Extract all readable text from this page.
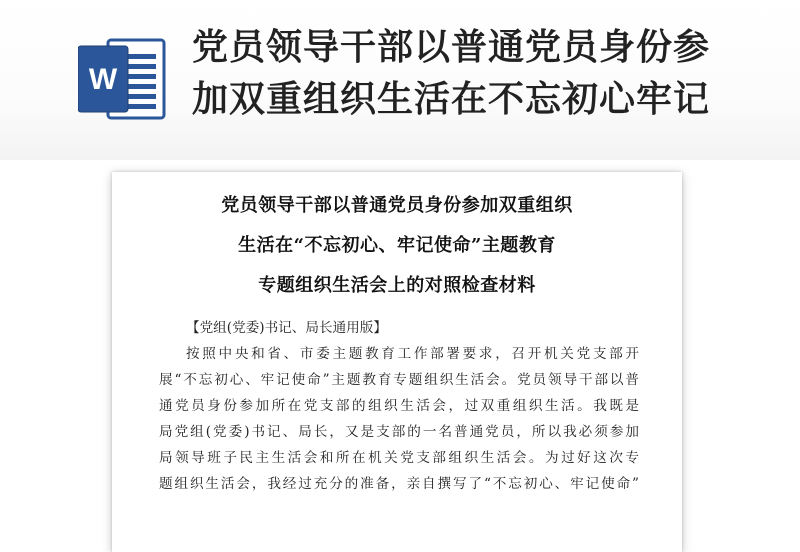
W
党员领导干部以普通党员身份参
加双重组织生活在不忘初心牢记
党员领导干部以普通党员身份参加双重组织
生活在“不忘初心、牢记使命”主题教育
专题组织生活会上的对照检查材料
【党组(党委)书记、局长通用版】
按照中央和省、市委主题教育工作部署要求，召开机关党支部开
展“不忘初心、牢记使命”主题教育专题组织生活会。党员领导干部以普
通党员身份参加所在党支部的组织生活会，过双重组织生活。我既是
局党组(党委)书记、局长，又是支部的一名普通党员，所以我必须参加
局领导班子民主生活会和所在机关党支部组织生活会。为过好这次专
题组织生活会，我经过充分的准备，亲自撰写了“不忘初心、牢记使命”
